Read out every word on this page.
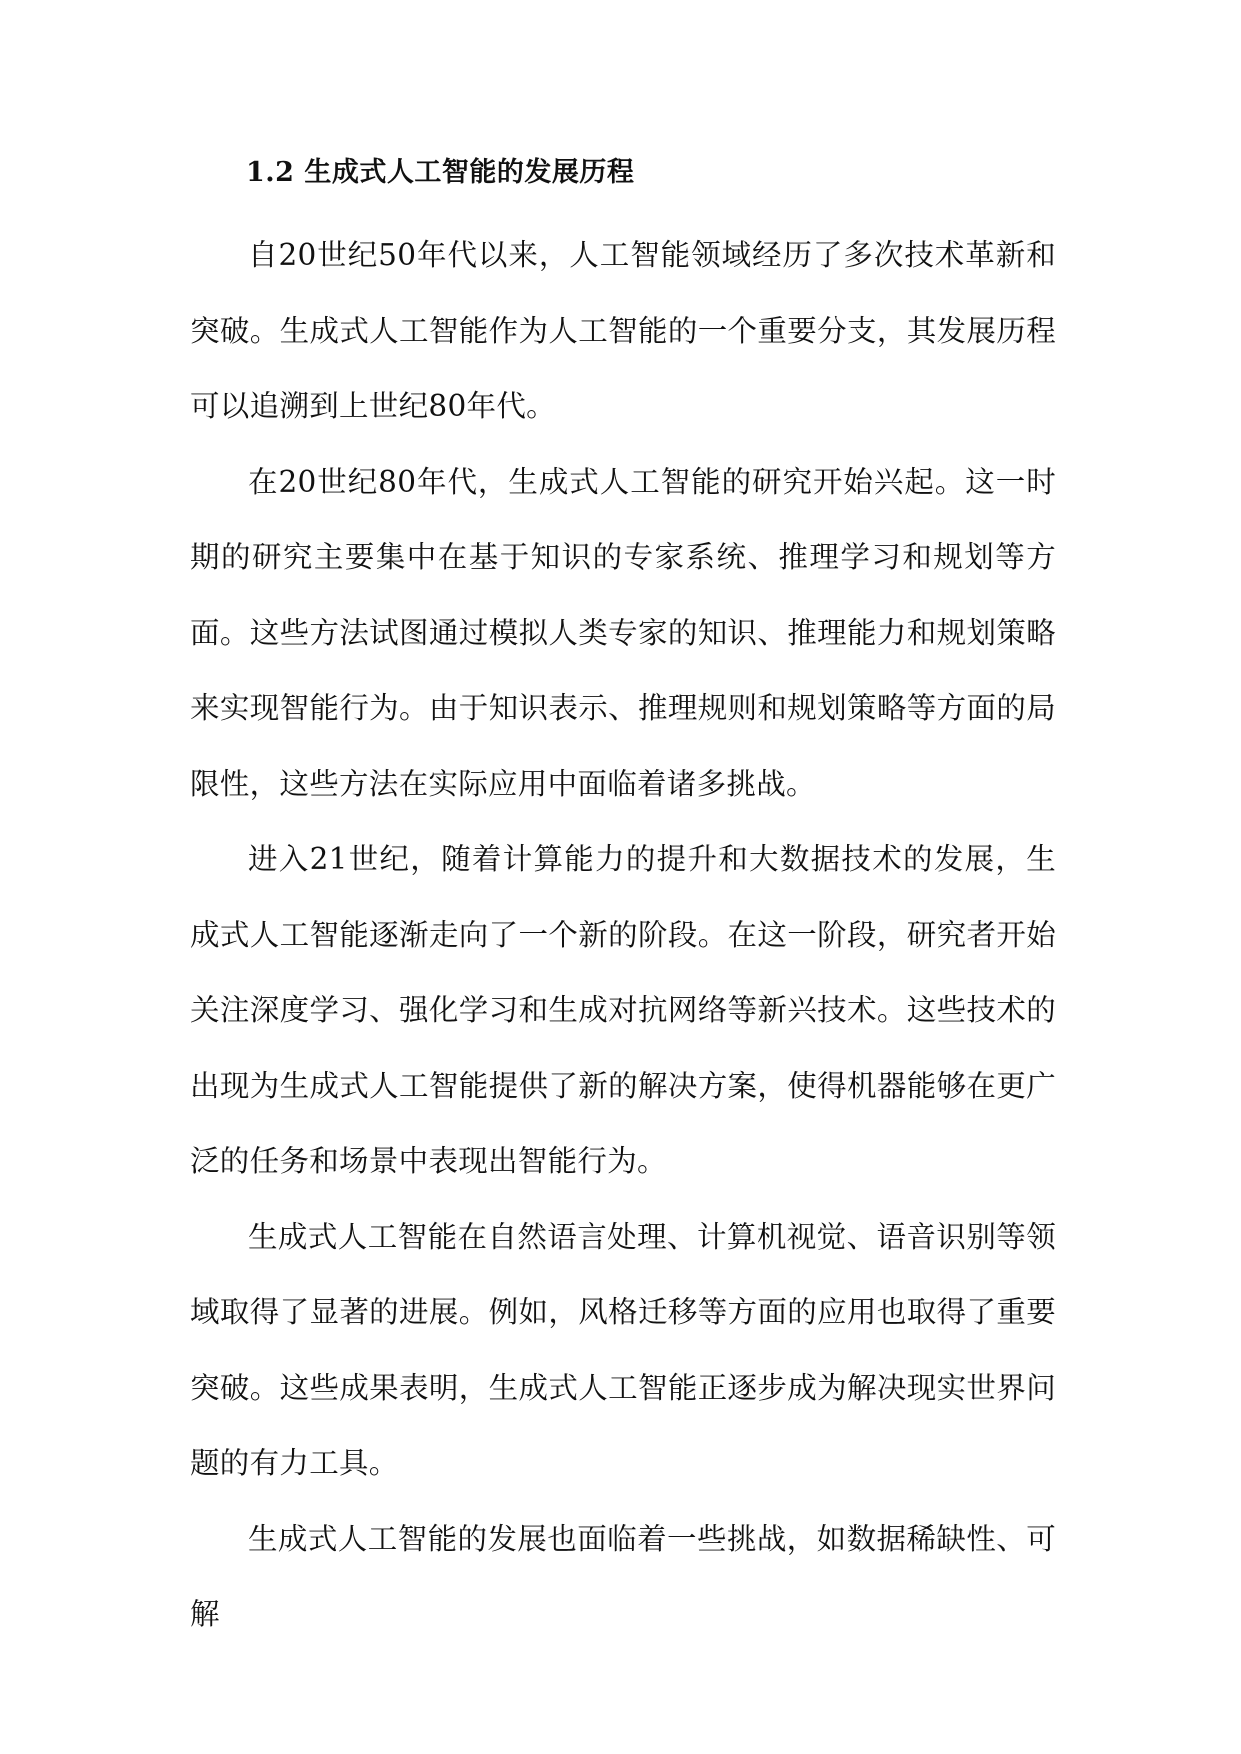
1.2 生成式人工智能的发展历程

自20世纪50年代以来，人工智能领域经历了多次技术革新和突破。生成式人工智能作为人工智能的一个重要分支，其发展历程可以追溯到上世纪80年代。

在20世纪80年代，生成式人工智能的研究开始兴起。这一时期的研究主要集中在基于知识的专家系统、推理学习和规划等方面。这些方法试图通过模拟人类专家的知识、推理能力和规划策略来实现智能行为。由于知识表示、推理规则和规划策略等方面的局限性，这些方法在实际应用中面临着诸多挑战。

进入21世纪，随着计算能力的提升和大数据技术的发展，生成式人工智能逐渐走向了一个新的阶段。在这一阶段，研究者开始关注深度学习、强化学习和生成对抗网络等新兴技术。这些技术的出现为生成式人工智能提供了新的解决方案，使得机器能够在更广泛的任务和场景中表现出智能行为。

生成式人工智能在自然语言处理、计算机视觉、语音识别等领域取得了显著的进展。例如，风格迁移等方面的应用也取得了重要突破。这些成果表明，生成式人工智能正逐步成为解决现实世界问题的有力工具。

生成式人工智能的发展也面临着一些挑战，如数据稀缺性、可解
